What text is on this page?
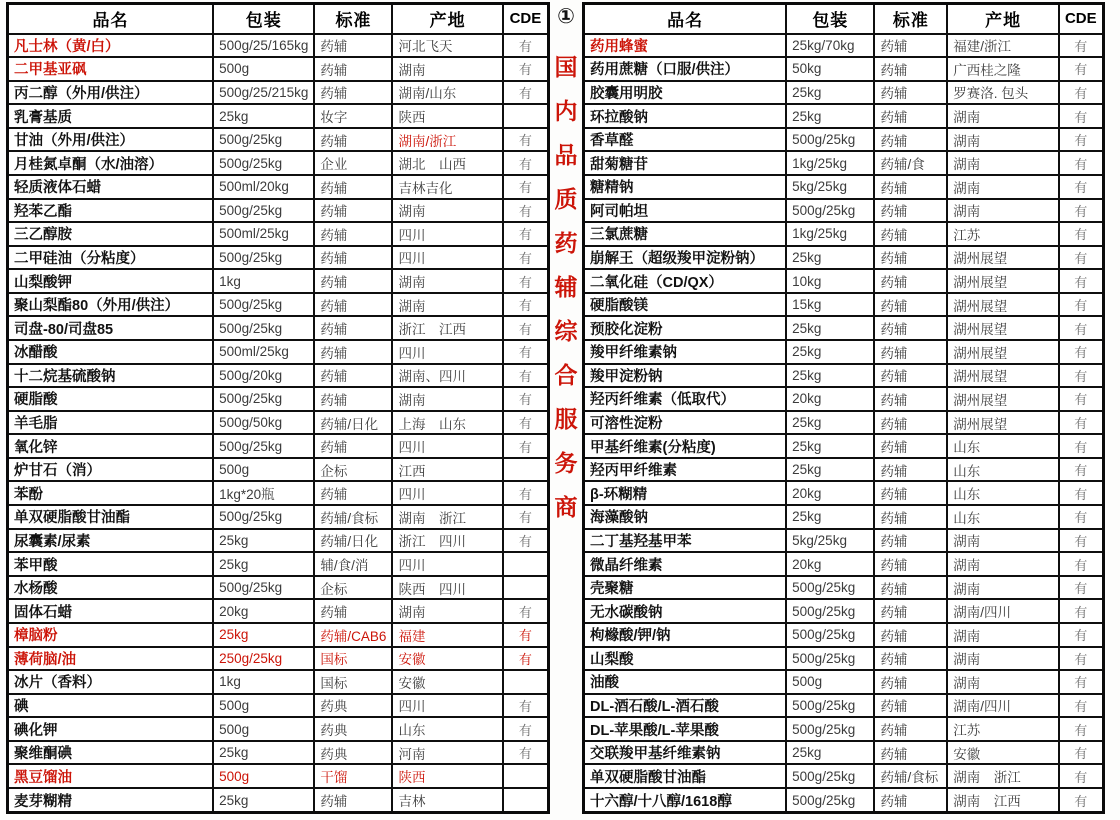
品名	包装	标准	产地	CDE
凡士林（黄/白）	500g/25/165kg	药辅	河北飞天	有
二甲基亚砜	500g	药辅	湖南	有
丙二醇（外用/供注）	500g/25/215kg	药辅	湖南/山东	有
乳膏基质	25kg	妆字	陕西	
甘油（外用/供注）	500g/25kg	药辅	湖南/浙江	有
月桂氮卓酮（水/油溶）	500g/25kg	企业	湖北　山西	有
轻质液体石蜡	500ml/20kg	药辅	吉林吉化	有
羟苯乙酯	500g/25kg	药辅	湖南	有
三乙醇胺	500ml/25kg	药辅	四川	有
二甲硅油（分粘度）	500g/25kg	药辅	四川	有
山梨酸钾	1kg	药辅	湖南	有
聚山梨酯80（外用/供注）	500g/25kg	药辅	湖南	有
司盘-80/司盘85	500g/25kg	药辅	浙江　江西	有
冰醋酸	500ml/25kg	药辅	四川	有
十二烷基硫酸钠	500g/20kg	药辅	湖南、四川	有
硬脂酸	500g/25kg	药辅	湖南	有
羊毛脂	500g/50kg	药辅/日化	上海　山东	有
氧化锌	500g/25kg	药辅	四川	有
炉甘石（消）	500g	企标	江西	
苯酚	1kg*20瓶	药辅	四川	有
单双硬脂酸甘油酯	500g/25kg	药辅/食标	湖南　浙江	有
尿囊素/尿素	25kg	药辅/日化	浙江　四川	有
苯甲酸	25kg	辅/食/消	四川	
水杨酸	500g/25kg	企标	陕西　四川	
固体石蜡	20kg	药辅	湖南	有
樟脑粉	25kg	药辅/CAB6	福建	有
薄荷脑/油	250g/25kg	国标	安徽	有
冰片（香料）	1kg	国标	安徽	
碘	500g	药典	四川	有
碘化钾	500g	药典	山东	有
聚维酮碘	25kg	药典	河南	有
黑豆馏油	500g	干馏	陕西	
麦芽糊精	25kg	药辅	吉林	
①
国
内
品
质
药
辅
综
合
服
务
商
品名	包装	标准	产地	CDE
药用蜂蜜	25kg/70kg	药辅	福建/浙江	有
药用蔗糖（口服/供注）	50kg	药辅	广西桂之隆	有
胶囊用明胶	25kg	药辅	罗赛洛. 包头	有
环拉酸钠	25kg	药辅	湖南	有
香草醛	500g/25kg	药辅	湖南	有
甜菊糖苷	1kg/25kg	药辅/食	湖南	有
糖精钠	5kg/25kg	药辅	湖南	有
阿司帕坦	500g/25kg	药辅	湖南	有
三氯蔗糖	1kg/25kg	药辅	江苏	有
崩解王（超级羧甲淀粉钠）	25kg	药辅	湖州展望	有
二氧化硅（CD/QX）	10kg	药辅	湖州展望	有
硬脂酸镁	15kg	药辅	湖州展望	有
预胶化淀粉	25kg	药辅	湖州展望	有
羧甲纤维素钠	25kg	药辅	湖州展望	有
羧甲淀粉钠	25kg	药辅	湖州展望	有
羟丙纤维素（低取代）	20kg	药辅	湖州展望	有
可溶性淀粉	25kg	药辅	湖州展望	有
甲基纤维素(分粘度)	25kg	药辅	山东	有
羟丙甲纤维素	25kg	药辅	山东	有
β-环糊精	20kg	药辅	山东	有
海藻酸钠	25kg	药辅	山东	有
二丁基羟基甲苯	5kg/25kg	药辅	湖南	有
微晶纤维素	20kg	药辅	湖南	有
壳聚糖	500g/25kg	药辅	湖南	有
无水碳酸钠	500g/25kg	药辅	湖南/四川	有
枸橼酸/钾/钠	500g/25kg	药辅	湖南	有
山梨酸	500g/25kg	药辅	湖南	有
油酸	500g	药辅	湖南	有
DL-酒石酸/L-酒石酸	500g/25kg	药辅	湖南/四川	有
DL-苹果酸/L-苹果酸	500g/25kg	药辅	江苏	有
交联羧甲基纤维素钠	25kg	药辅	安徽	有
单双硬脂酸甘油酯	500g/25kg	药辅/食标	湖南　浙江	有
十六醇/十八醇/1618醇	500g/25kg	药辅	湖南　江西	有
